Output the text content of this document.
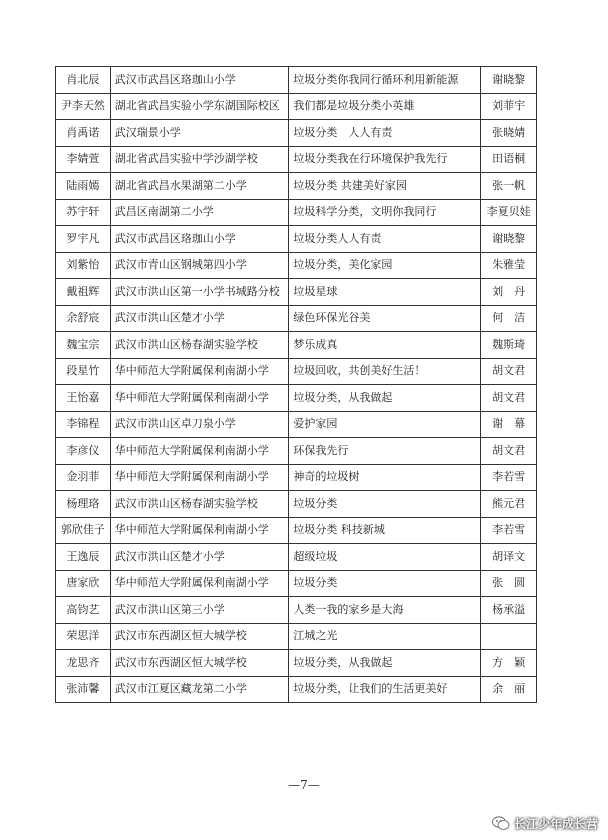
肖北辰	武汉市武昌区珞珈山小学	垃圾分类你我同行循环利用新能源	谢晓黎
尹李天然	湖北省武昌实验小学东湖国际校区	我们都是垃圾分类小英雄	刘菲宇
肖禹诺	武汉瑞景小学	垃圾分类　人人有责	张晓婧
李婧萱	湖北省武昌实验中学沙湖学校	垃圾分类我在行环境保护我先行	田语桐
陆雨嫣	湖北省武昌水果湖第二小学	垃圾分类 共建美好家园	张一帆
苏宇轩	武昌区南湖第二小学	垃圾科学分类，文明你我同行	李夏贝娃
罗宇凡	武汉市武昌区珞珈山小学	垃圾分类人人有责	谢晓黎
刘紫怡	武汉市青山区钢城第四小学	垃圾分类，美化家园	朱雅莹
戴祖辉	武汉市洪山区第一小学书城路分校	垃圾星球	刘　丹
余舒宸	武汉市洪山区楚才小学	绿色环保光谷美	何　洁
魏宝宗	武汉市洪山区杨春湖实验学校	梦乐成真	魏斯琦
段星竹	华中师范大学附属保利南湖小学	垃圾回收，共创美好生活！	胡文君
王怡嘉	华中师范大学附属保利南湖小学	垃圾分类，从我做起	胡文君
李锦程	武汉市洪山区卓刀泉小学	爱护家园	谢　幕
李彦仪	华中师范大学附属保利南湖小学	环保我先行	胡文君
金羽菲	华中师范大学附属保利南湖小学	神奇的垃圾树	李若雪
杨理珞	武汉市洪山区杨春湖实验学校	垃圾分类	熊元君
郭欣佳子	华中师范大学附属保利南湖小学	垃圾分类 科技新城	李若雪
王逸辰	武汉市洪山区楚才小学	超级垃圾	胡译文
唐家欣	华中师范大学附属保利南湖小学	垃圾分类	张　圆
高钧艺	武汉市洪山区第三小学	人类一我的家乡是大海	杨承溢
荣思洋	武汉市东西湖区恒大城学校	江城之光	
龙思齐	武汉市东西湖区恒大城学校	垃圾分类，从我做起	方　颖
张沛馨	武汉市江夏区藏龙第二小学	垃圾分类，让我们的生活更美好	余　丽
—7—
长江少年成长营
